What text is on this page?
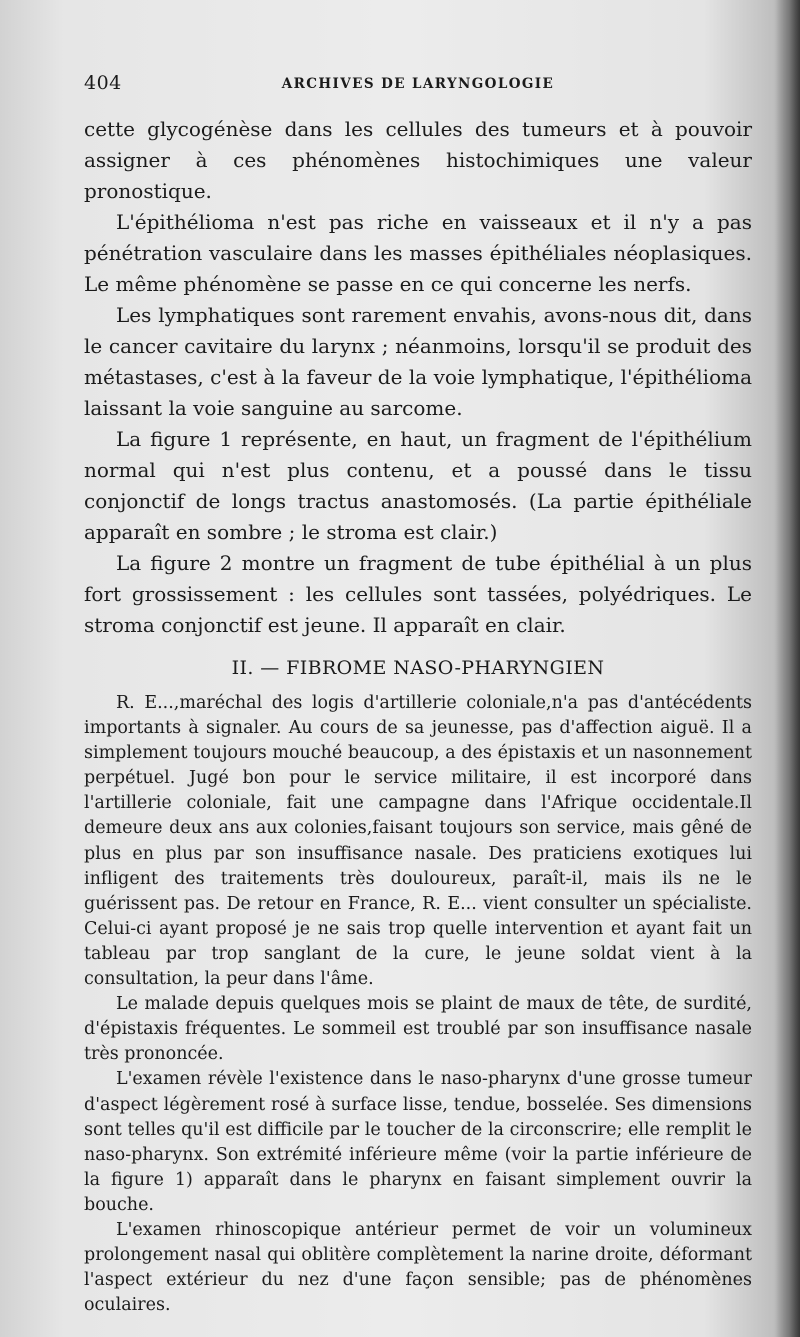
404	ARCHIVES DE LARYNGOLOGIE

cette glycogénèse dans les cellules des tumeurs et à pouvoir assigner à ces phénomènes histochimiques une valeur pronostique.

L'épithélioma n'est pas riche en vaisseaux et il n'y a pas pénétration vasculaire dans les masses épithéliales néoplasiques. Le même phénomène se passe en ce qui concerne les nerfs.

Les lymphatiques sont rarement envahis, avons-nous dit, dans le cancer cavitaire du larynx ; néanmoins, lorsqu'il se produit des métastases, c'est à la faveur de la voie lymphatique, l'épithélioma laissant la voie sanguine au sarcome.

La figure 1 représente, en haut, un fragment de l'épithélium normal qui n'est plus contenu, et a poussé dans le tissu conjonctif de longs tractus anastomosés. (La partie épithéliale apparaît en sombre ; le stroma est clair.)

La figure 2 montre un fragment de tube épithélial à un plus fort grossissement : les cellules sont tassées, polyédriques. Le stroma conjonctif est jeune. Il apparaît en clair.

II. — FIBROME NASO-PHARYNGIEN

R. E...,maréchal des logis d'artillerie coloniale,n'a pas d'antécédents importants à signaler. Au cours de sa jeunesse, pas d'affection aiguë. Il a simplement toujours mouché beaucoup, a des épistaxis et un nasonnement perpétuel. Jugé bon pour le service militaire, il est incorporé dans l'artillerie coloniale, fait une campagne dans l'Afrique occidentale.Il demeure deux ans aux colonies,faisant toujours son service, mais gêné de plus en plus par son insuffisance nasale. Des praticiens exotiques lui infligent des traitements très douloureux, paraît-il, mais ils ne le guérissent pas. De retour en France, R. E... vient consulter un spécialiste. Celui-ci ayant proposé je ne sais trop quelle intervention et ayant fait un tableau par trop sanglant de la cure, le jeune soldat vient à la consultation, la peur dans l'âme.

Le malade depuis quelques mois se plaint de maux de tête, de surdité, d'épistaxis fréquentes. Le sommeil est troublé par son insuffisance nasale très prononcée.

L'examen révèle l'existence dans le naso-pharynx d'une grosse tumeur d'aspect légèrement rosé à surface lisse, tendue, bosselée. Ses dimensions sont telles qu'il est difficile par le toucher de la circonscrire; elle remplit le naso-pharynx. Son extrémité inférieure même (voir la partie inférieure de la figure 1) apparaît dans le pharynx en faisant simplement ouvrir la bouche.

L'examen rhinoscopique antérieur permet de voir un volumineux prolongement nasal qui oblitère complètement la narine droite, déformant l'aspect extérieur du nez d'une façon sensible; pas de phénomènes oculaires.
